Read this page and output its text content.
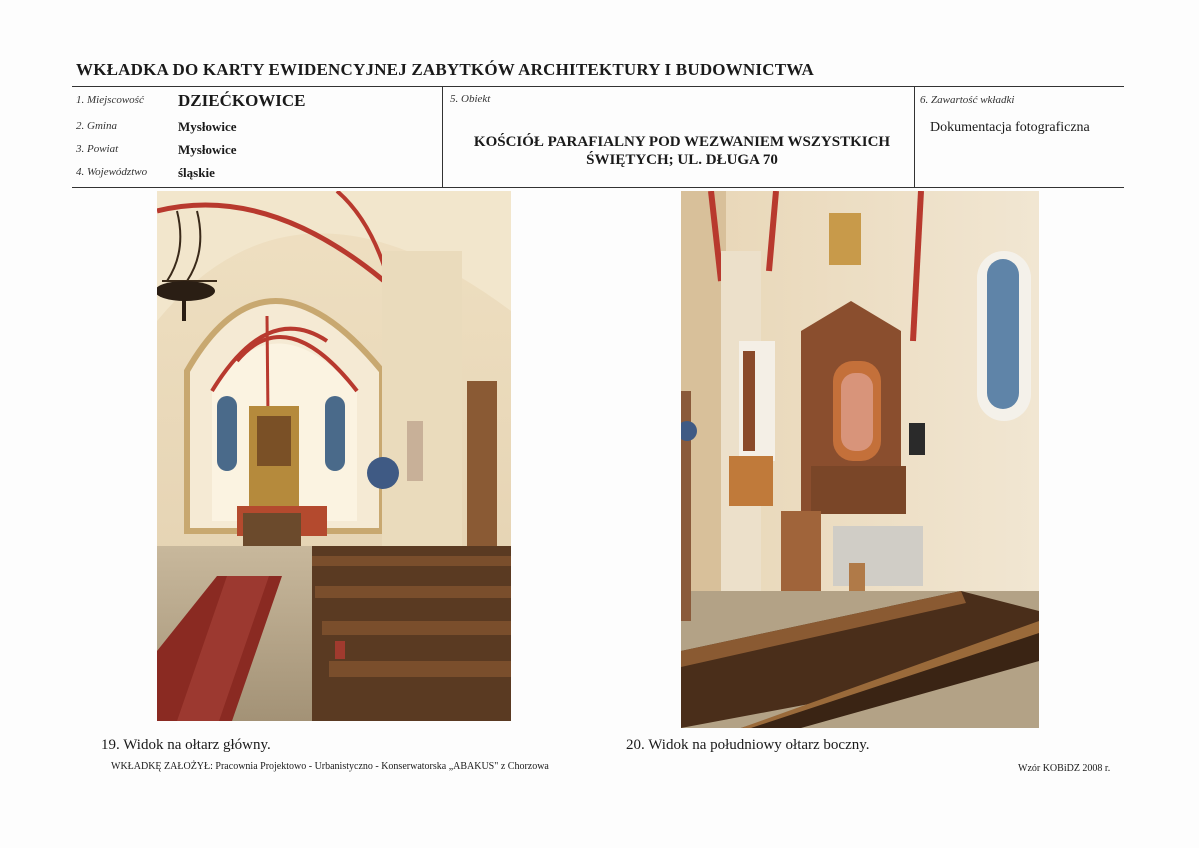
WKŁADKA DO KARTY EWIDENCYJNEJ ZABYTKÓW ARCHITEKTURY I BUDOWNICTWA
1. Miejscowość DZIEĆKOWICE
2. Gmina	Mysłowice
3. Powiat	Mysłowice
4. Województwo śląskie
5. Obiekt
KOŚCIÓŁ PARAFIALNY POD WEZWANIEM WSZYSTKICH
ŚWIĘTYCH; UL. DŁUGA 70
6. Zawartość wkładki
Dokumentacja fotograficzna
19. Widok na ołtarz główny.	20. Widok na południowy ołtarz boczny.
WKŁADKĘ ZAŁOŻYŁ: Pracownia Projektowo - Urbanistyczno - Konserwatorska „ABAKUS" z Chorzowa	Wzór KOBiDZ 2008 r.
